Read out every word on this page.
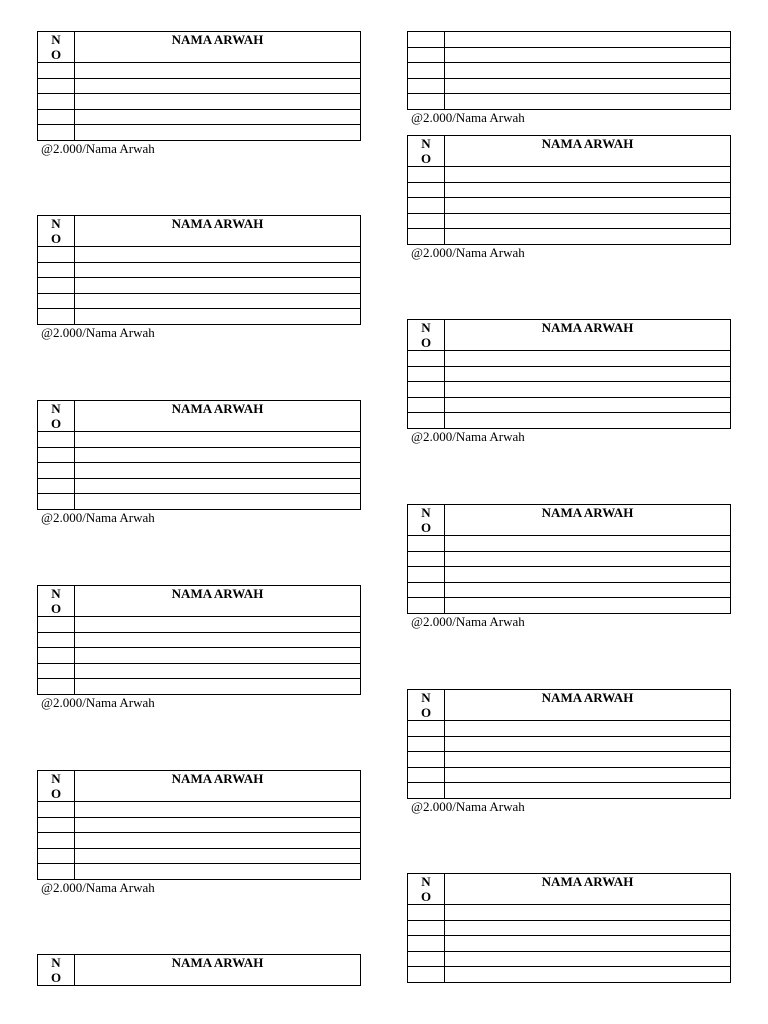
N
O	NAMA ARWAH

@2.000/Nama Arwah
N
O	NAMA ARWAH

@2.000/Nama Arwah
N
O	NAMA ARWAH

@2.000/Nama Arwah
N
O	NAMA ARWAH

@2.000/Nama Arwah
N
O	NAMA ARWAH

@2.000/Nama Arwah
N
O	NAMA ARWAH

@2.000/Nama Arwah
N
O	NAMA ARWAH

@2.000/Nama Arwah
N
O	NAMA ARWAH

@2.000/Nama Arwah
N
O	NAMA ARWAH

@2.000/Nama Arwah
N
O	NAMA ARWAH

@2.000/Nama Arwah
N
O	NAMA ARWAH
